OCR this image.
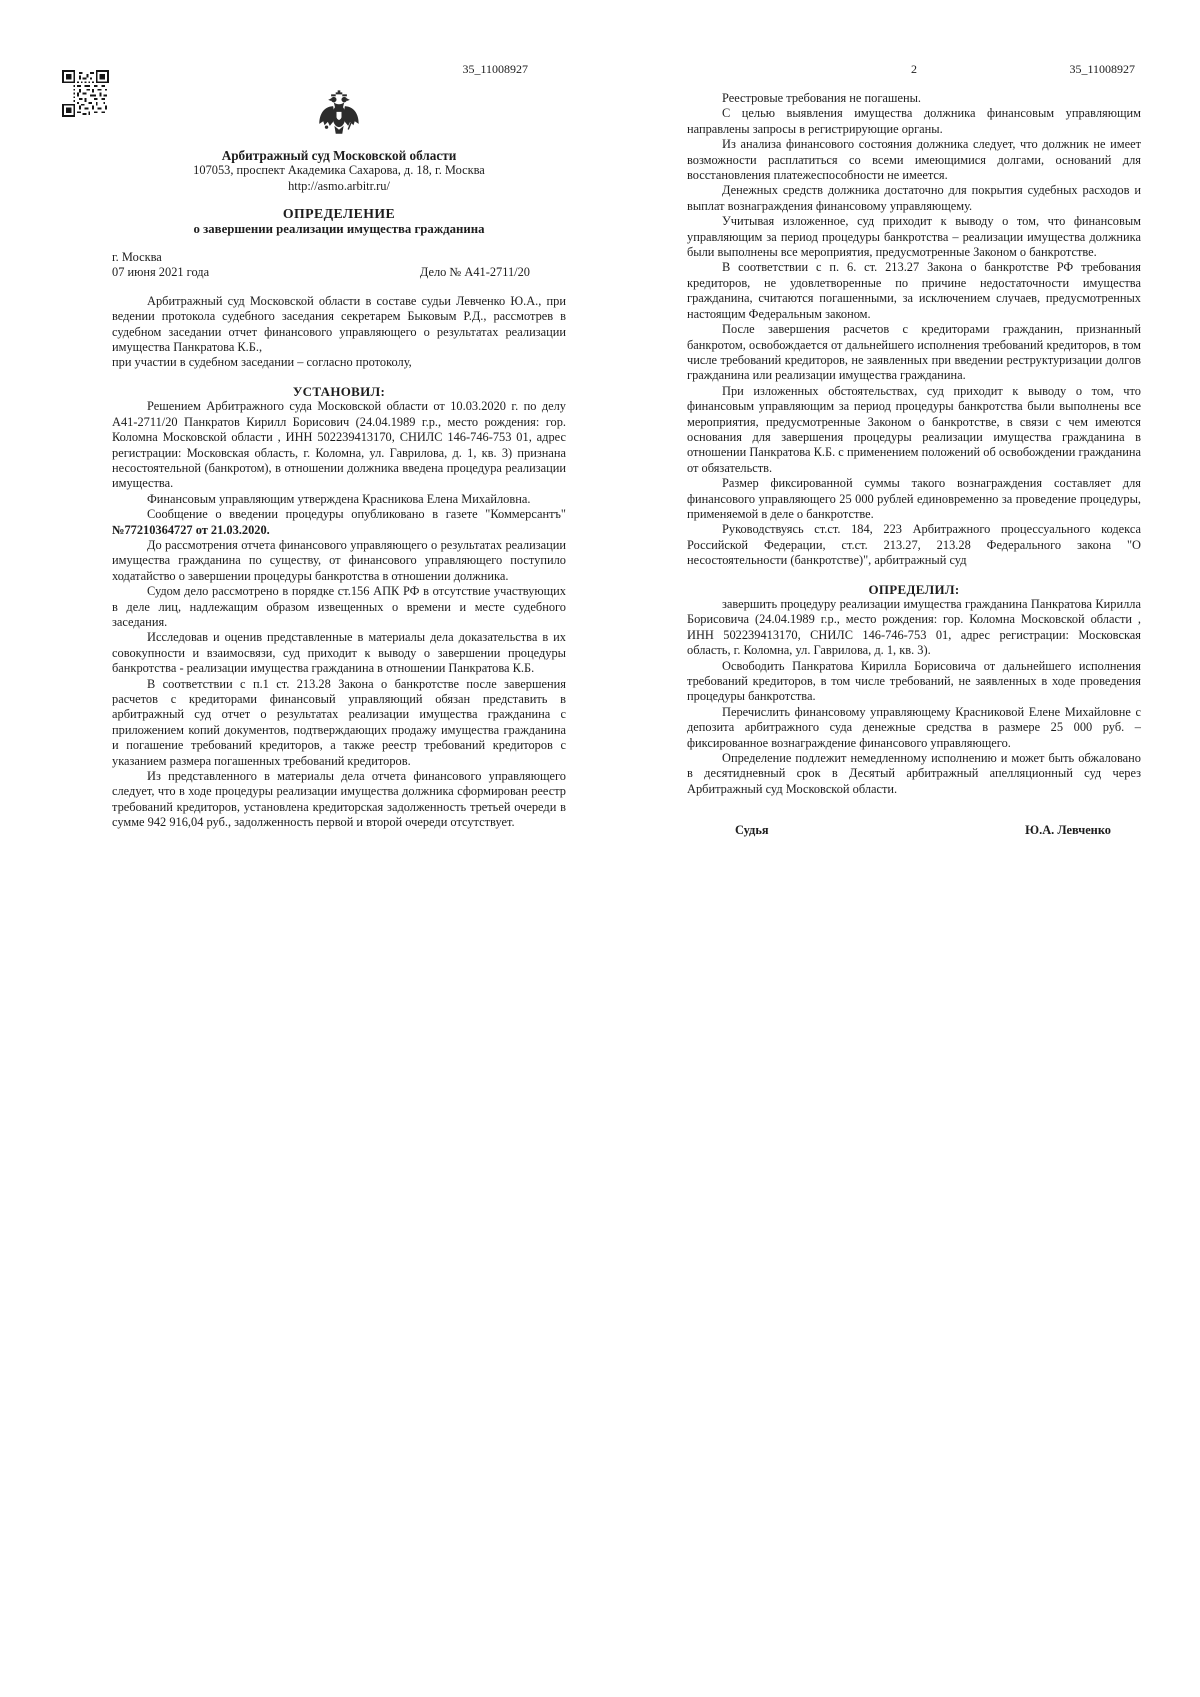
35_11008927
Арбитражный суд Московской области
107053, проспект Академика Сахарова, д. 18, г. Москва
http://asmo.arbitr.ru/
ОПРЕДЕЛЕНИЕ
о завершении реализации имущества гражданина
г. Москва
07 июня 2021 года	Дело № А41-2711/20

Арбитражный суд Московской области в составе судьи Левченко Ю.А., при ведении протокола судебного заседания секретарем Быковым Р.Д., рассмотрев в судебном заседании отчет финансового управляющего о результатах реализации имущества Панкратова К.Б.,

при участии в судебном заседании – согласно протоколу,

УСТАНОВИЛ:

Решением Арбитражного суда Московской области от 10.03.2020 г. по делу А41-2711/20 Панкратов Кирилл Борисович (24.04.1989 г.р., место рождения: гор. Коломна Московской области , ИНН 502239413170, СНИЛС 146-746-753 01, адрес регистрации: Московская область, г. Коломна, ул. Гаврилова, д. 1, кв. 3) признана несостоятельной (банкротом), в отношении должника введена процедура реализации имущества.

Финансовым управляющим утверждена Красникова Елена Михайловна.

Сообщение о введении процедуры опубликовано в газете "Коммерсантъ" №77210364727 от 21.03.2020.

До рассмотрения отчета финансового управляющего о результатах реализации имущества гражданина по существу, от финансового управляющего поступило ходатайство о завершении процедуры банкротства в отношении должника.

Судом дело рассмотрено в порядке ст.156 АПК РФ в отсутствие участвующих в деле лиц, надлежащим образом извещенных о времени и месте судебного заседания.

Исследовав и оценив представленные в материалы дела доказательства в их совокупности и взаимосвязи, суд приходит к выводу о завершении процедуры банкротства - реализации имущества гражданина в отношении Панкратова К.Б.

В соответствии с п.1 ст. 213.28 Закона о банкротстве после завершения расчетов с кредиторами финансовый управляющий обязан представить в арбитражный суд отчет о результатах реализации имущества гражданина с приложением копий документов, подтверждающих продажу имущества гражданина и погашение требований кредиторов, а также реестр требований кредиторов с указанием размера погашенных требований кредиторов.

Из представленного в материалы дела отчета финансового управляющего следует, что в ходе процедуры реализации имущества должника сформирован реестр требований кредиторов, установлена кредиторская задолженность третьей очереди в сумме 942 916,04 руб., задолженность первой и второй очереди отсутствует.

2	35_11008927

Реестровые требования не погашены.

С целью выявления имущества должника финансовым управляющим направлены запросы в регистрирующие органы.

Из анализа финансового состояния должника следует, что должник не имеет возможности расплатиться со всеми имеющимися долгами, оснований для восстановления платежеспособности не имеется.

Денежных средств должника достаточно для покрытия судебных расходов и выплат вознаграждения финансовому управляющему.

Учитывая изложенное, суд приходит к выводу о том, что финансовым управляющим за период процедуры банкротства – реализации имущества должника были выполнены все мероприятия, предусмотренные Законом о банкротстве.

В соответствии с п. 6. ст. 213.27 Закона о банкротстве РФ требования кредиторов, не удовлетворенные по причине недостаточности имущества гражданина, считаются погашенными, за исключением случаев, предусмотренных настоящим Федеральным законом.

После завершения расчетов с кредиторами гражданин, признанный банкротом, освобождается от дальнейшего исполнения требований кредиторов, в том числе требований кредиторов, не заявленных при введении реструктуризации долгов гражданина или реализации имущества гражданина.

При изложенных обстоятельствах, суд приходит к выводу о том, что финансовым управляющим за период процедуры банкротства были выполнены все мероприятия, предусмотренные Законом о банкротстве, в связи с чем имеются основания для завершения процедуры реализации имущества гражданина в отношении Панкратова К.Б. с применением положений об освобождении гражданина от обязательств.

Размер фиксированной суммы такого вознаграждения составляет для финансового управляющего 25 000 рублей единовременно за проведение процедуры, применяемой в деле о банкротстве.

Руководствуясь ст.ст. 184, 223 Арбитражного процессуального кодекса Российской Федерации, ст.ст. 213.27, 213.28 Федерального закона "О несостоятельности (банкротстве)", арбитражный суд

ОПРЕДЕЛИЛ:

завершить процедуру реализации имущества гражданина Панкратова Кирилла Борисовича (24.04.1989 г.р., место рождения: гор. Коломна Московской области , ИНН 502239413170, СНИЛС 146-746-753 01, адрес регистрации: Московская область, г. Коломна, ул. Гаврилова, д. 1, кв. 3).

Освободить Панкратова Кирилла Борисовича от дальнейшего исполнения требований кредиторов, в том числе требований, не заявленных в ходе проведения процедуры банкротства.

Перечислить финансовому управляющему Красниковой Елене Михайловне с депозита арбитражного суда денежные средства в размере 25 000 руб. – фиксированное вознаграждение финансового управляющего.

Определение подлежит немедленному исполнению и может быть обжаловано в десятидневный срок в Десятый арбитражный апелляционный суд через Арбитражный суд Московской области.

Судья	Ю.А. Левченко
